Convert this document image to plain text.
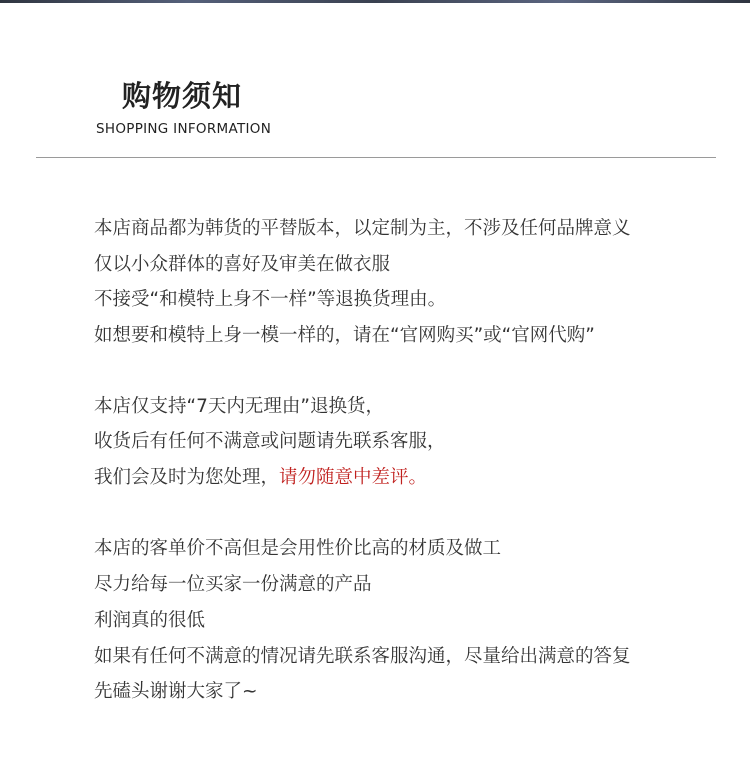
购物须知
SHOPPING INFORMATION
本店商品都为韩货的平替版本，以定制为主，不涉及任何品牌意义
仅以小众群体的喜好及审美在做衣服
不接受“和模特上身不一样”等退换货理由。
如想要和模特上身一模一样的，请在“官网购买”或“官网代购”
本店仅支持“7天内无理由”退换货，
收货后有任何不满意或问题请先联系客服，
我们会及时为您处理，请勿随意中差评。
本店的客单价不高但是会用性价比高的材质及做工
尽力给每一位买家一份满意的产品
利润真的很低
如果有任何不满意的情况请先联系客服沟通，尽量给出满意的答复
先磕头谢谢大家了~
